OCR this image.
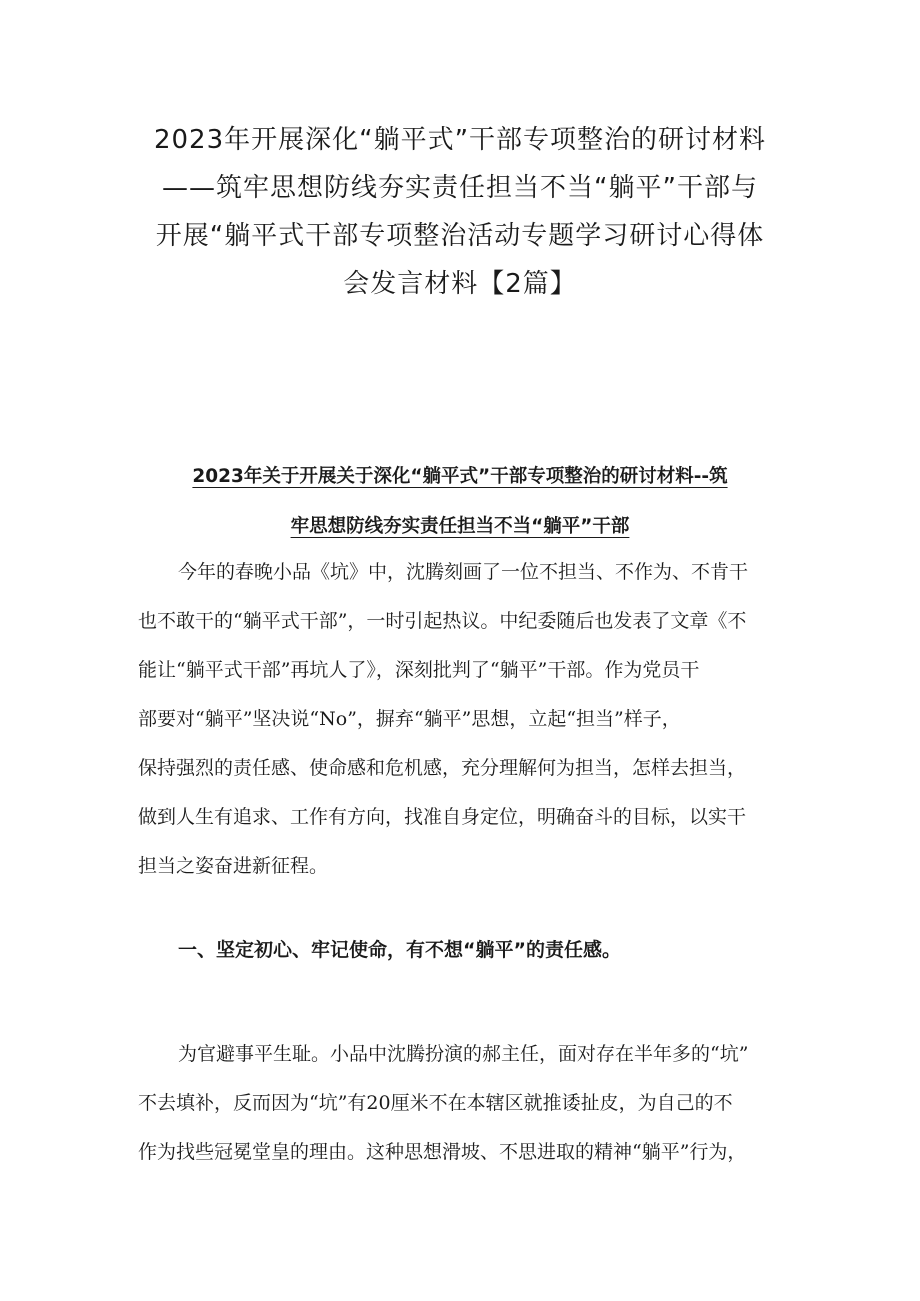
2023年开展深化“躺平式”干部专项整治的研讨材料
——筑牢思想防线夯实责任担当不当“躺平”干部与
开展“躺平式干部专项整治活动专题学习研讨心得体
会发言材料【2篇】
2023年关于开展关于深化“躺平式”干部专项整治的研讨材料--筑
牢思想防线夯实责任担当不当“躺平”干部

今年的春晚小品《坑》中，沈腾刻画了一位不担当、不作为、不肯干
也不敢干的“躺平式干部”，一时引起热议。中纪委随后也发表了文章《不
能让“躺平式干部”再坑人了》，深刻批判了“躺平”干部。作为党员干
部要对“躺平”坚决说“No”，摒弃“躺平”思想，立起“担当”样子，
保持强烈的责任感、使命感和危机感，充分理解何为担当，怎样去担当，
做到人生有追求、工作有方向，找准自身定位，明确奋斗的目标，以实干
担当之姿奋进新征程。

一、坚定初心、牢记使命，有不想“躺平”的责任感。

为官避事平生耻。小品中沈腾扮演的郝主任，面对存在半年多的“坑”
不去填补，反而因为“坑”有20厘米不在本辖区就推诿扯皮，为自己的不
作为找些冠冕堂皇的理由。这种思想滑坡、不思进取的精神“躺平”行为，
